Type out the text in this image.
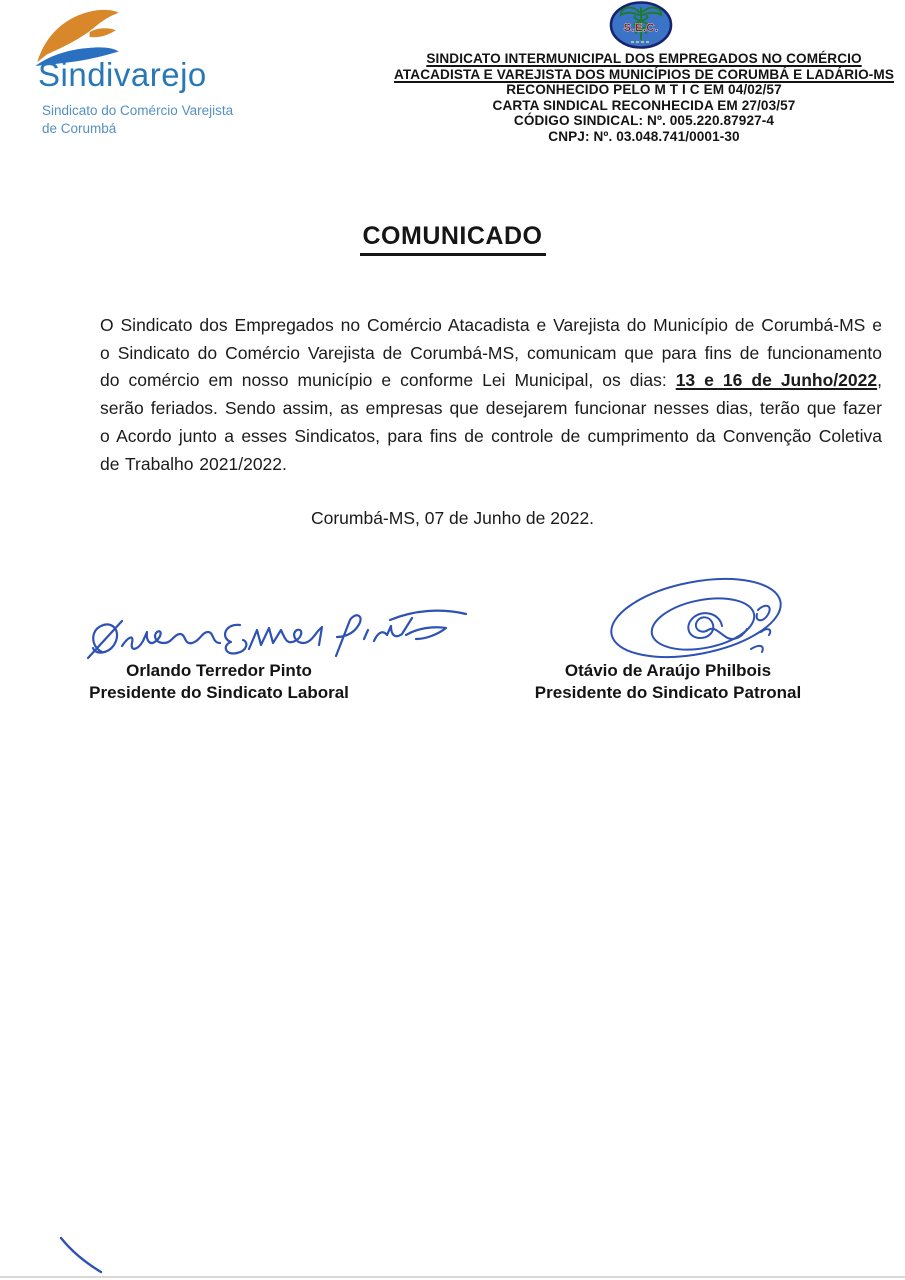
Sindivarejo
Sindicato do Comércio Varejista
de Corumbá
S.E.C.
SINDICATO INTERMUNICIPAL DOS EMPREGADOS NO COMÉRCIO
ATACADISTA E VAREJISTA DOS MUNICÍPIOS DE CORUMBÁ E LADÁRIO-MS
RECONHECIDO PELO M T I C EM 04/02/57
CARTA SINDICAL RECONHECIDA EM 27/03/57
CÓDIGO SINDICAL: Nº. 005.220.87927-4
CNPJ: Nº. 03.048.741/0001-30
COMUNICADO

O Sindicato dos Empregados no Comércio Atacadista e Varejista do Município de Corumbá-MS e o Sindicato do Comércio Varejista de Corumbá-MS, comunicam que para fins de funcionamento do comércio em nosso município e conforme Lei Municipal, os dias: 13 e 16 de Junho/2022, serão feriados. Sendo assim, as empresas que desejarem funcionar nesses dias, terão que fazer o Acordo junto a esses Sindicatos, para fins de controle de cumprimento da Convenção Coletiva de Trabalho 2021/2022.

Corumbá-MS, 07 de Junho de 2022.
Orlando Terredor Pinto
Presidente do Sindicato Laboral
Otávio de Araújo Philbois
Presidente do Sindicato Patronal
